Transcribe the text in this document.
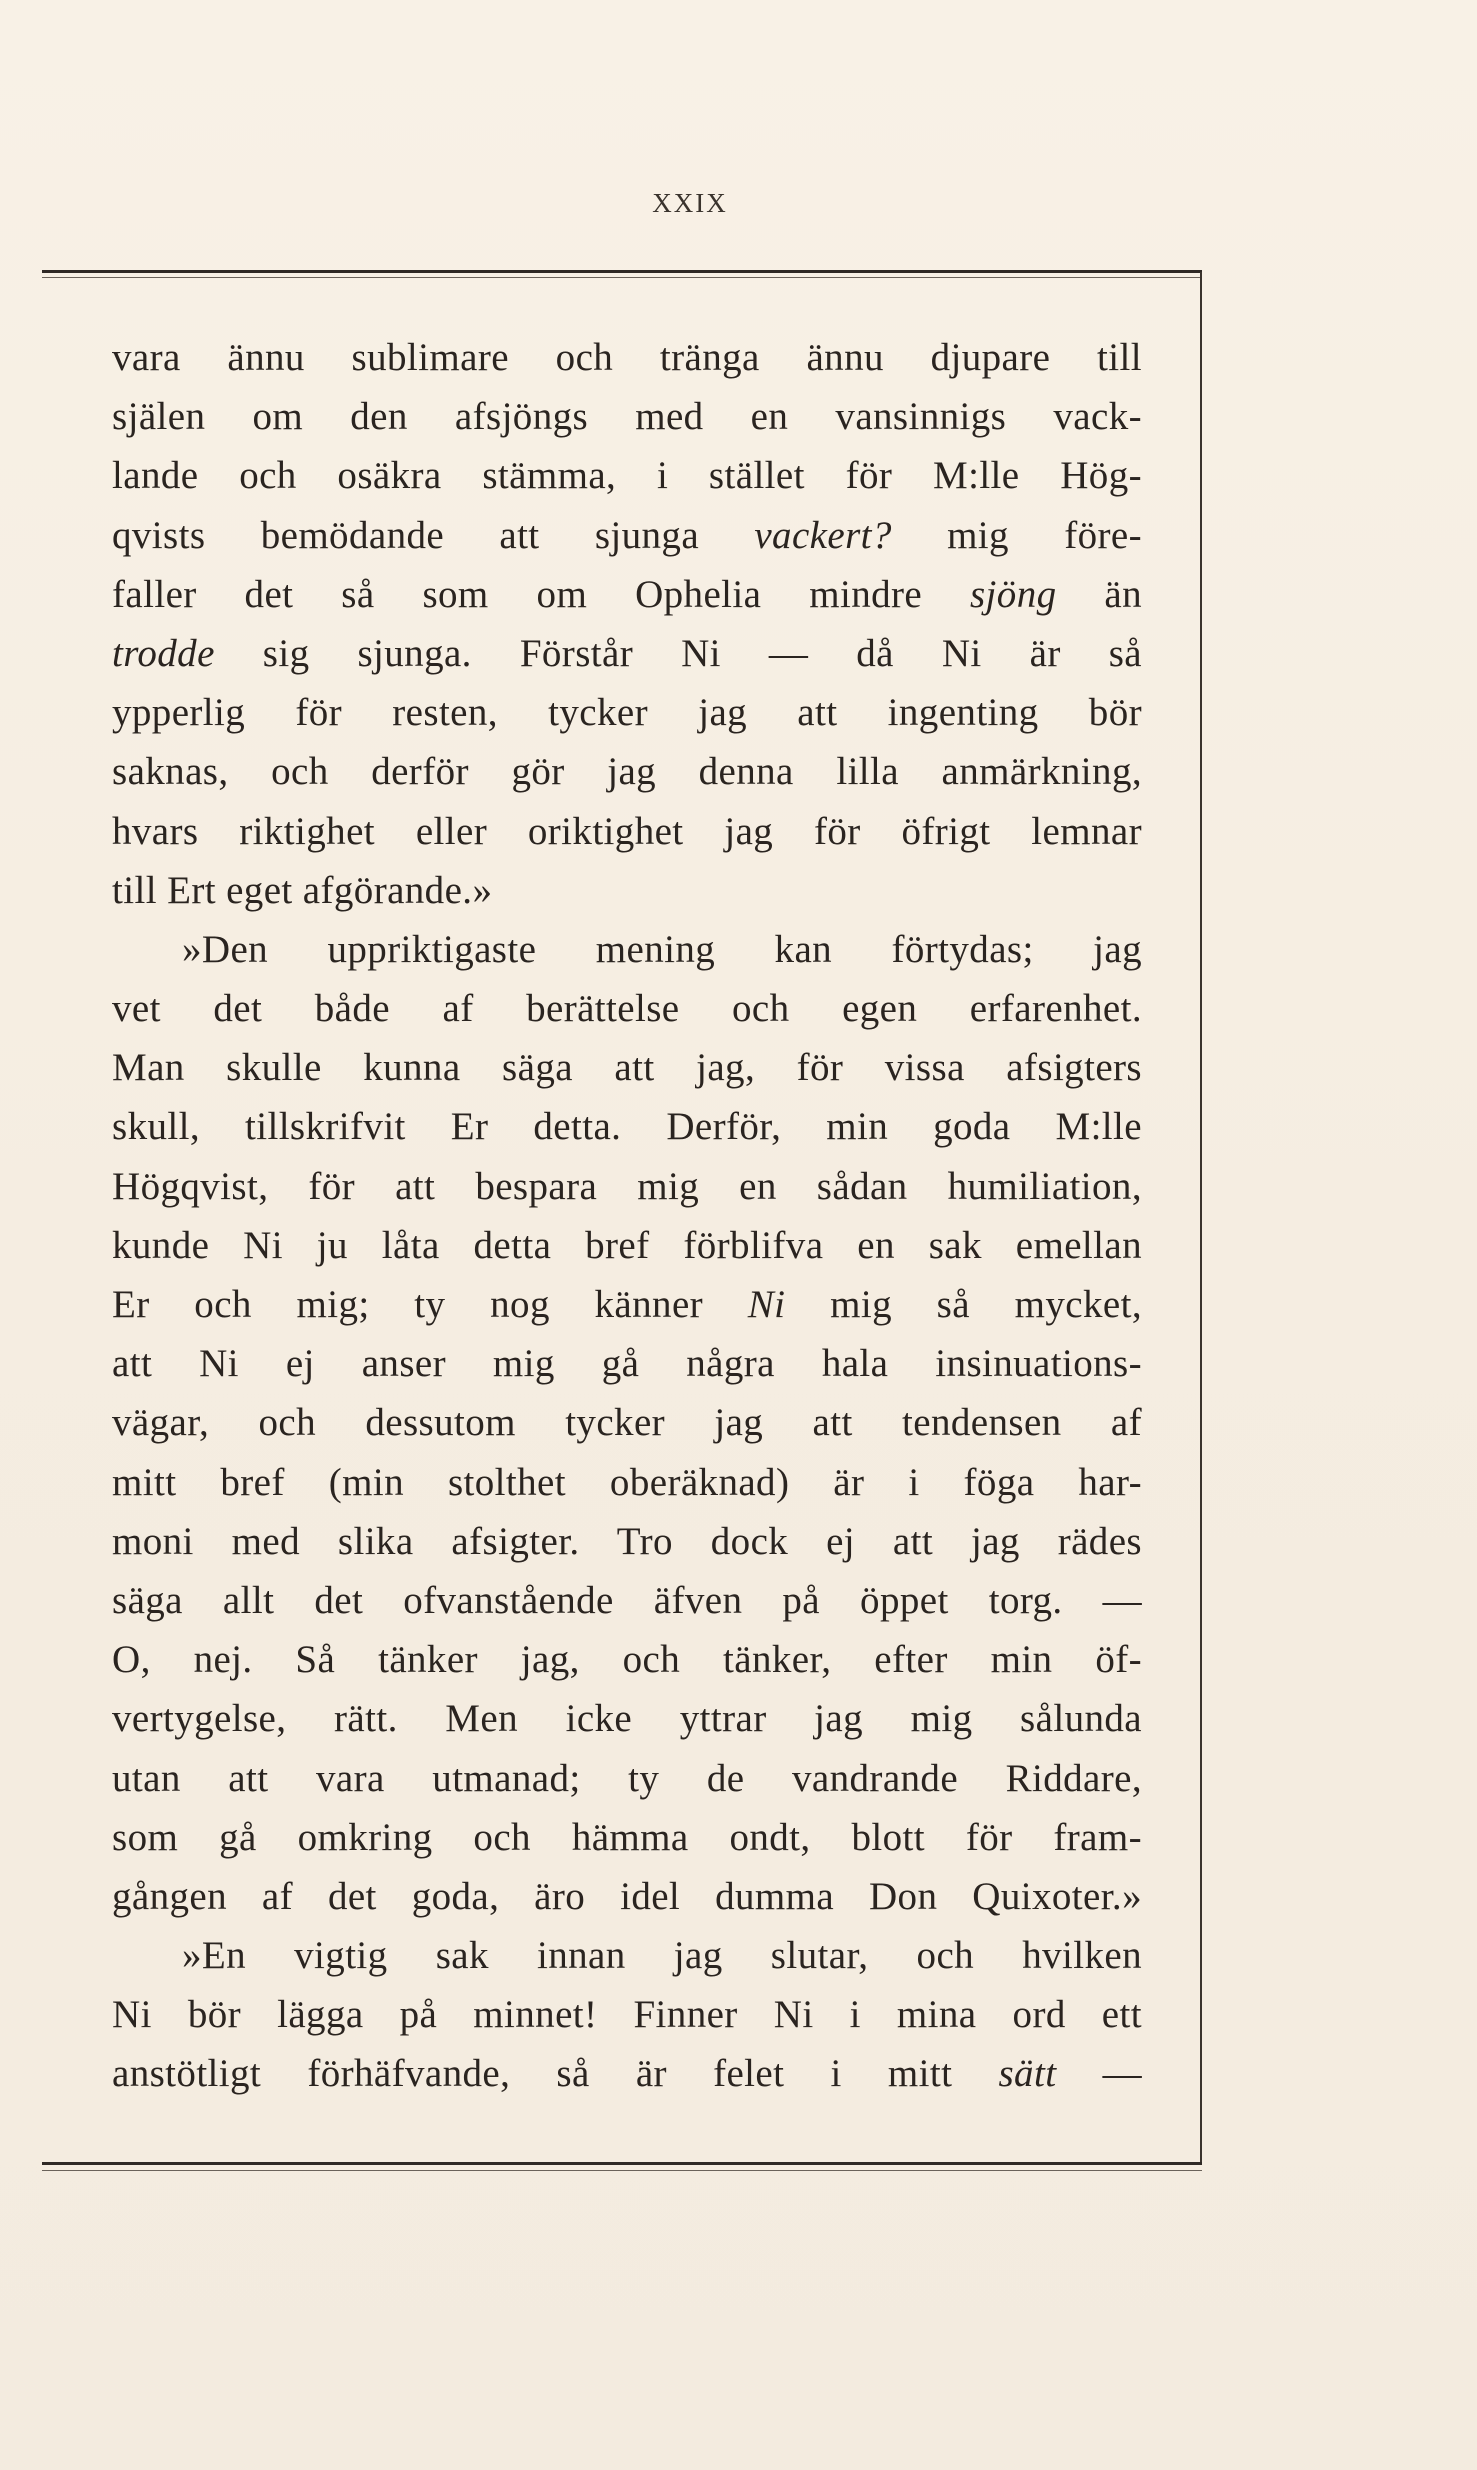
XXIX
vara ännu sublimare och tränga ännu djupare till
själen om den afsjöngs med en vansinnigs vack-
lande och osäkra stämma, i stället för M:lle Hög-
qvists bemödande att sjunga vackert? mig före-
faller det så som om Ophelia mindre sjöng än
trodde sig sjunga. Förstår Ni — då Ni är så
ypperlig för resten, tycker jag att ingenting bör
saknas, och derför gör jag denna lilla anmärkning,
hvars riktighet eller oriktighet jag för öfrigt lemnar
till Ert eget afgörande.»
»Den uppriktigaste mening kan förtydas; jag
vet det både af berättelse och egen erfarenhet.
Man skulle kunna säga att jag, för vissa afsigters
skull, tillskrifvit Er detta. Derför, min goda M:lle
Högqvist, för att bespara mig en sådan humiliation,
kunde Ni ju låta detta bref förblifva en sak emellan
Er och mig; ty nog känner Ni mig så mycket,
att Ni ej anser mig gå några hala insinuations-
vägar, och dessutom tycker jag att tendensen af
mitt bref (min stolthet oberäknad) är i föga har-
moni med slika afsigter. Tro dock ej att jag rädes
säga allt det ofvanstående äfven på öppet torg. —
O, nej. Så tänker jag, och tänker, efter min öf-
vertygelse, rätt. Men icke yttrar jag mig sålunda
utan att vara utmanad; ty de vandrande Riddare,
som gå omkring och hämma ondt, blott för fram-
gången af det goda, äro idel dumma Don Quixoter.»
»En vigtig sak innan jag slutar, och hvilken
Ni bör lägga på minnet! Finner Ni i mina ord ett
anstötligt förhäfvande, så är felet i mitt sätt —
